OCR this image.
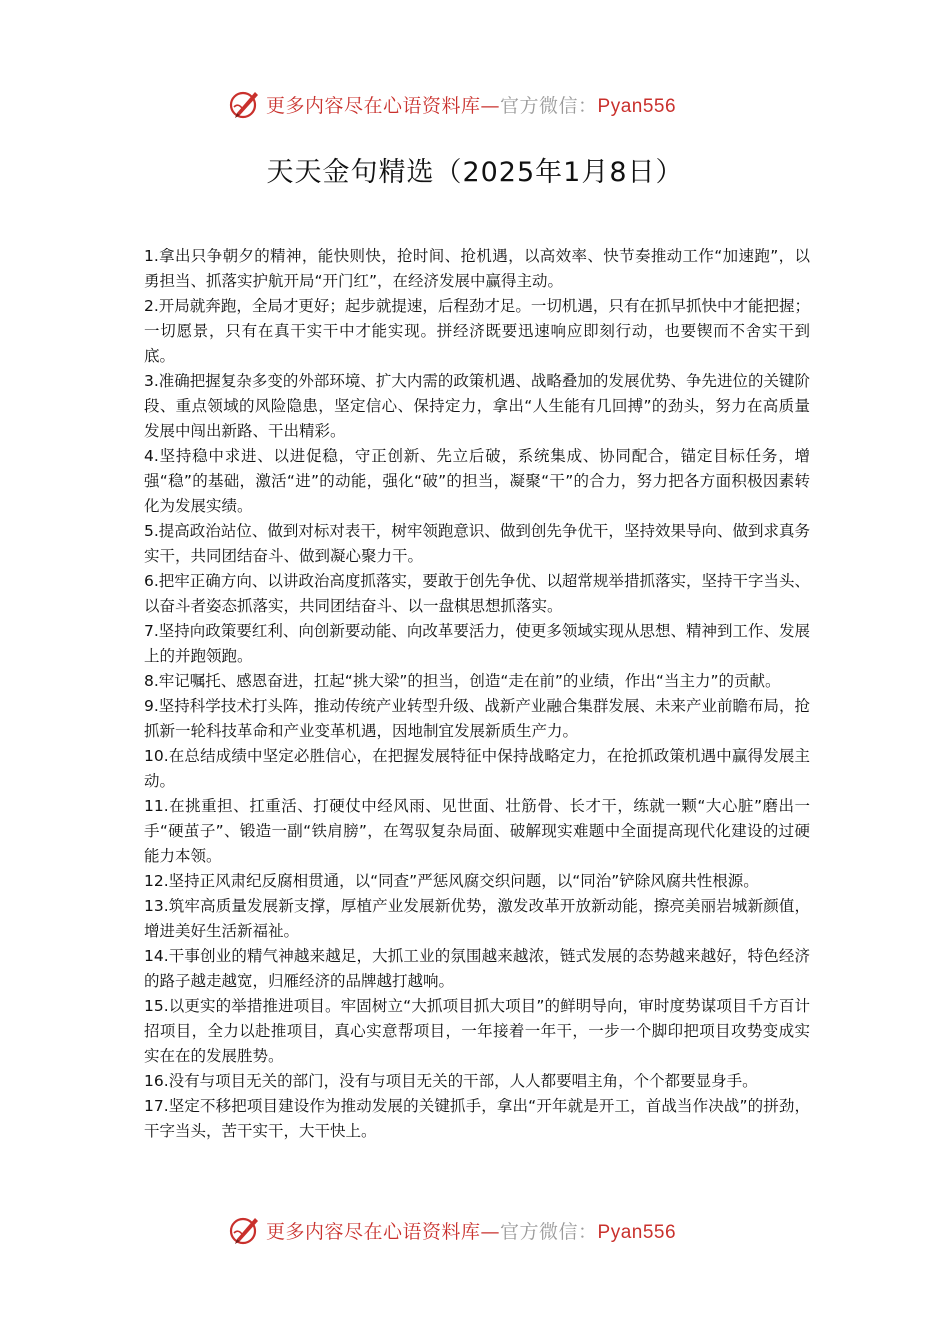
更多内容尽在心语资料库—官方微信：Pyan556
天天金句精选（2025年1月8日）

1.拿出只争朝夕的精神，能快则快，抢时间、抢机遇，以高效率、快节奏推动工作“加速跑”，以勇担当、抓落实护航开局“开门红”，在经济发展中赢得主动。

2.开局就奔跑，全局才更好；起步就提速，后程劲才足。一切机遇，只有在抓早抓快中才能把握；一切愿景，只有在真干实干中才能实现。拼经济既要迅速响应即刻行动，也要锲而不舍实干到底。

3.准确把握复杂多变的外部环境、扩大内需的政策机遇、战略叠加的发展优势、争先进位的关键阶段、重点领域的风险隐患，坚定信心、保持定力，拿出“人生能有几回搏”的劲头，努力在高质量发展中闯出新路、干出精彩。

4.坚持稳中求进、以进促稳，守正创新、先立后破，系统集成、协同配合，锚定目标任务，增强“稳”的基础，激活“进”的动能，强化“破”的担当，凝聚“干”的合力，努力把各方面积极因素转化为发展实绩。

5.提高政治站位、做到对标对表干，树牢领跑意识、做到创先争优干，坚持效果导向、做到求真务实干，共同团结奋斗、做到凝心聚力干。

6.把牢正确方向、以讲政治高度抓落实，要敢于创先争优、以超常规举措抓落实，坚持干字当头、以奋斗者姿态抓落实，共同团结奋斗、以一盘棋思想抓落实。

7.坚持向政策要红利、向创新要动能、向改革要活力，使更多领域实现从思想、精神到工作、发展上的并跑领跑。

8.牢记嘱托、感恩奋进，扛起“挑大梁”的担当，创造“走在前”的业绩，作出“当主力”的贡献。

9.坚持科学技术打头阵，推动传统产业转型升级、战新产业融合集群发展、未来产业前瞻布局，抢抓新一轮科技革命和产业变革机遇，因地制宜发展新质生产力。

10.在总结成绩中坚定必胜信心，在把握发展特征中保持战略定力，在抢抓政策机遇中赢得发展主动。

11.在挑重担、扛重活、打硬仗中经风雨、见世面、壮筋骨、长才干，练就一颗“大心脏”磨出一手“硬茧子”、锻造一副“铁肩膀”，在驾驭复杂局面、破解现实难题中全面提高现代化建设的过硬能力本领。

12.坚持正风肃纪反腐相贯通，以“同查”严惩风腐交织问题，以“同治”铲除风腐共性根源。

13.筑牢高质量发展新支撑，厚植产业发展新优势，激发改革开放新动能，擦亮美丽岩城新颜值，增进美好生活新福祉。

14.干事创业的精气神越来越足，大抓工业的氛围越来越浓，链式发展的态势越来越好，特色经济的路子越走越宽，归雁经济的品牌越打越响。

15.以更实的举措推进项目。牢固树立“大抓项目抓大项目”的鲜明导向，审时度势谋项目千方百计招项目，全力以赴推项目，真心实意帮项目，一年接着一年干，一步一个脚印把项目攻势变成实实在在的发展胜势。

16.没有与项目无关的部门，没有与项目无关的干部，人人都要唱主角，个个都要显身手。

17.坚定不移把项目建设作为推动发展的关键抓手，拿出“开年就是开工，首战当作决战”的拼劲，干字当头，苦干实干，大干快上。

更多内容尽在心语资料库—官方微信：Pyan556
